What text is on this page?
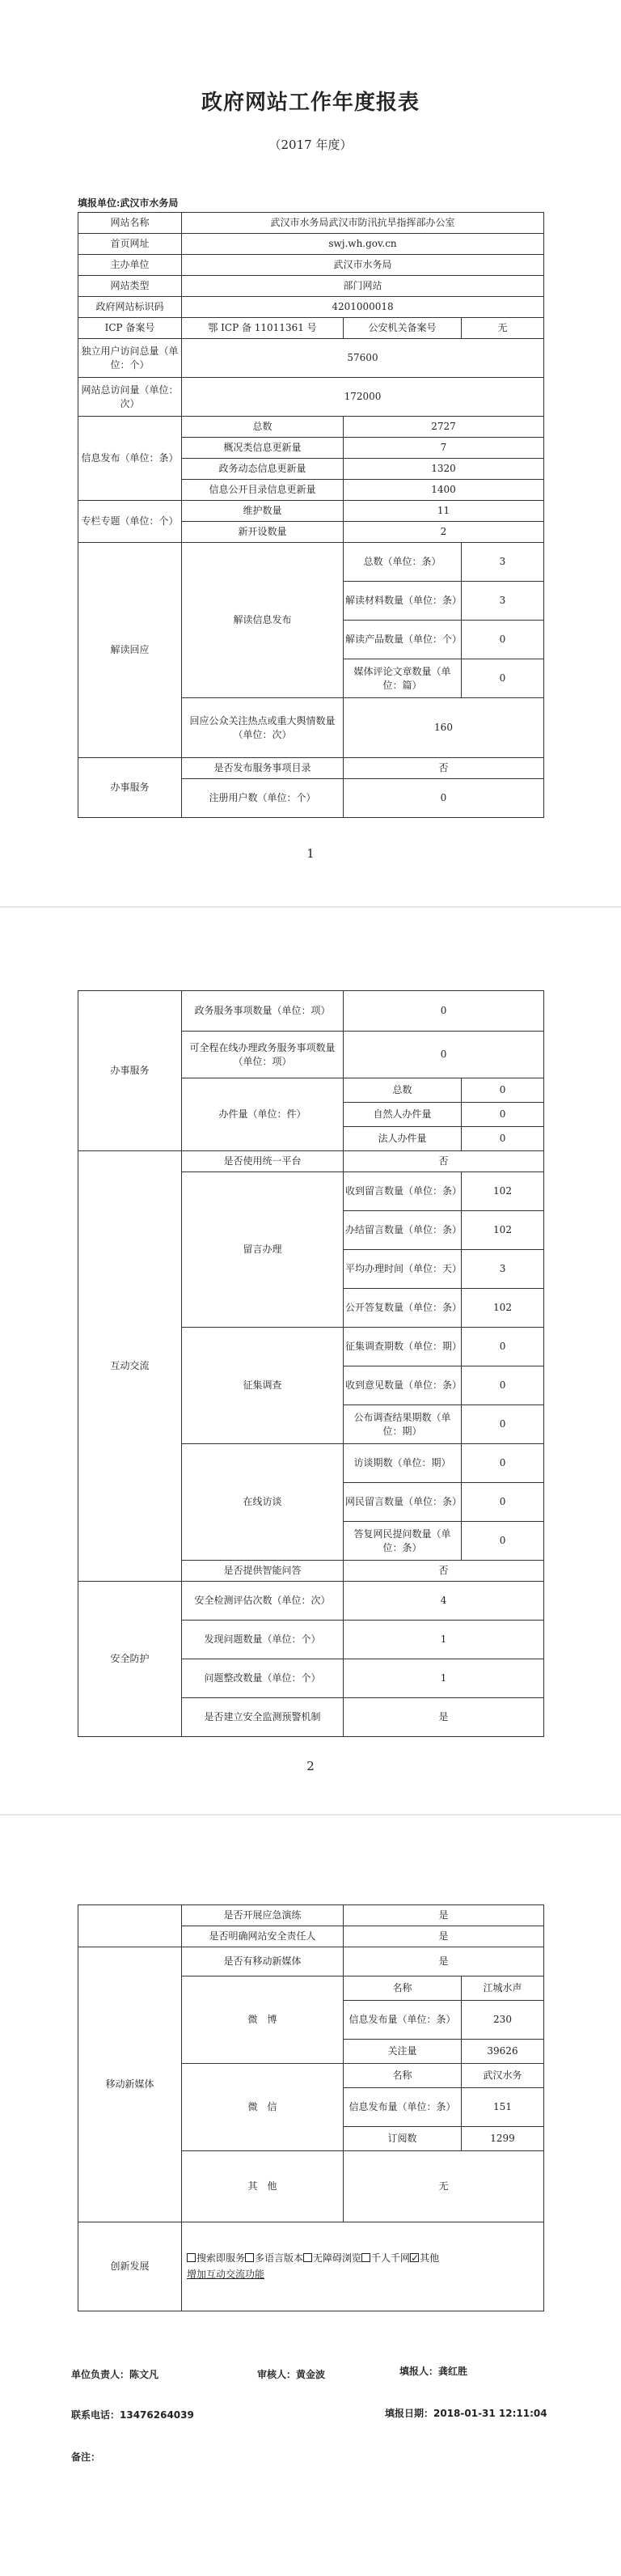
政府网站工作年度报表
（2017 年度）
填报单位:武汉市水务局
网站名称	武汉市水务局武汉市防汛抗旱指挥部办公室		
首页网址	swj.wh.gov.cn		
主办单位	武汉市水务局		
网站类型	部门网站		
政府网站标识码	4201000018		
ICP 备案号	鄂 ICP 备 11011361 号	公安机关备案号	无
独立用户访问总量（单位：个）	57600		
网站总访问量（单位：次）	172000		
信息发布（单位：条）	总数	2727	
	概况类信息更新量	7	
	政务动态信息更新量	1320	
	信息公开目录信息更新量	1400	
专栏专题（单位：个）	维护数量	11	
	新开设数量	2	
解读回应	解读信息发布	总数（单位：条）	3
		解读材料数量（单位：条）	3
		解读产品数量（单位：个）	0
		媒体评论文章数量（单位：篇）	0
	回应公众关注热点或重大舆情数量（单位：次）	160	
办事服务	是否发布服务事项目录	否	
	注册用户数（单位：个）	0	
1
办事服务	政务服务事项数量（单位：项）	0	
	可全程在线办理政务服务事项数量（单位：项）	0	
	办件量（单位：件）	总数	0
		自然人办件量	0
		法人办件量	0
互动交流	是否使用统一平台	否	
	留言办理	收到留言数量（单位：条）	102
		办结留言数量（单位：条）	102
		平均办理时间（单位：天）	3
		公开答复数量（单位：条）	102
	征集调查	征集调查期数（单位：期）	0
		收到意见数量（单位：条）	0
		公布调查结果期数（单位：期）	0
	在线访谈	访谈期数（单位：期）	0
		网民留言数量（单位：条）	0
		答复网民提问数量（单位：条）	0
	是否提供智能问答	否	
安全防护	安全检测评估次数（单位：次）	4	
	发现问题数量（单位：个）	1	
	问题整改数量（单位：个）	1	
	是否建立安全监测预警机制	是	
2
	是否开展应急演练	是	
	是否明确网站安全责任人	是	
移动新媒体	是否有移动新媒体	是	
	微　博	名称	江城水声
		信息发布量（单位：条）	230
		关注量	39626
	微　信	名称	武汉水务
		信息发布量（单位：条）	151
		订阅数	1299
	其　他	无	
创新发展	搜索即服务 多语言版本 无障碍浏览 千人千网 ✓ 其他
增加互动交流功能
单位负责人：陈文凡	审核人：黄金波	填报人：龚红胜
联系电话：13476264039	填报日期：2018-01-31 12:11:04
备注：
